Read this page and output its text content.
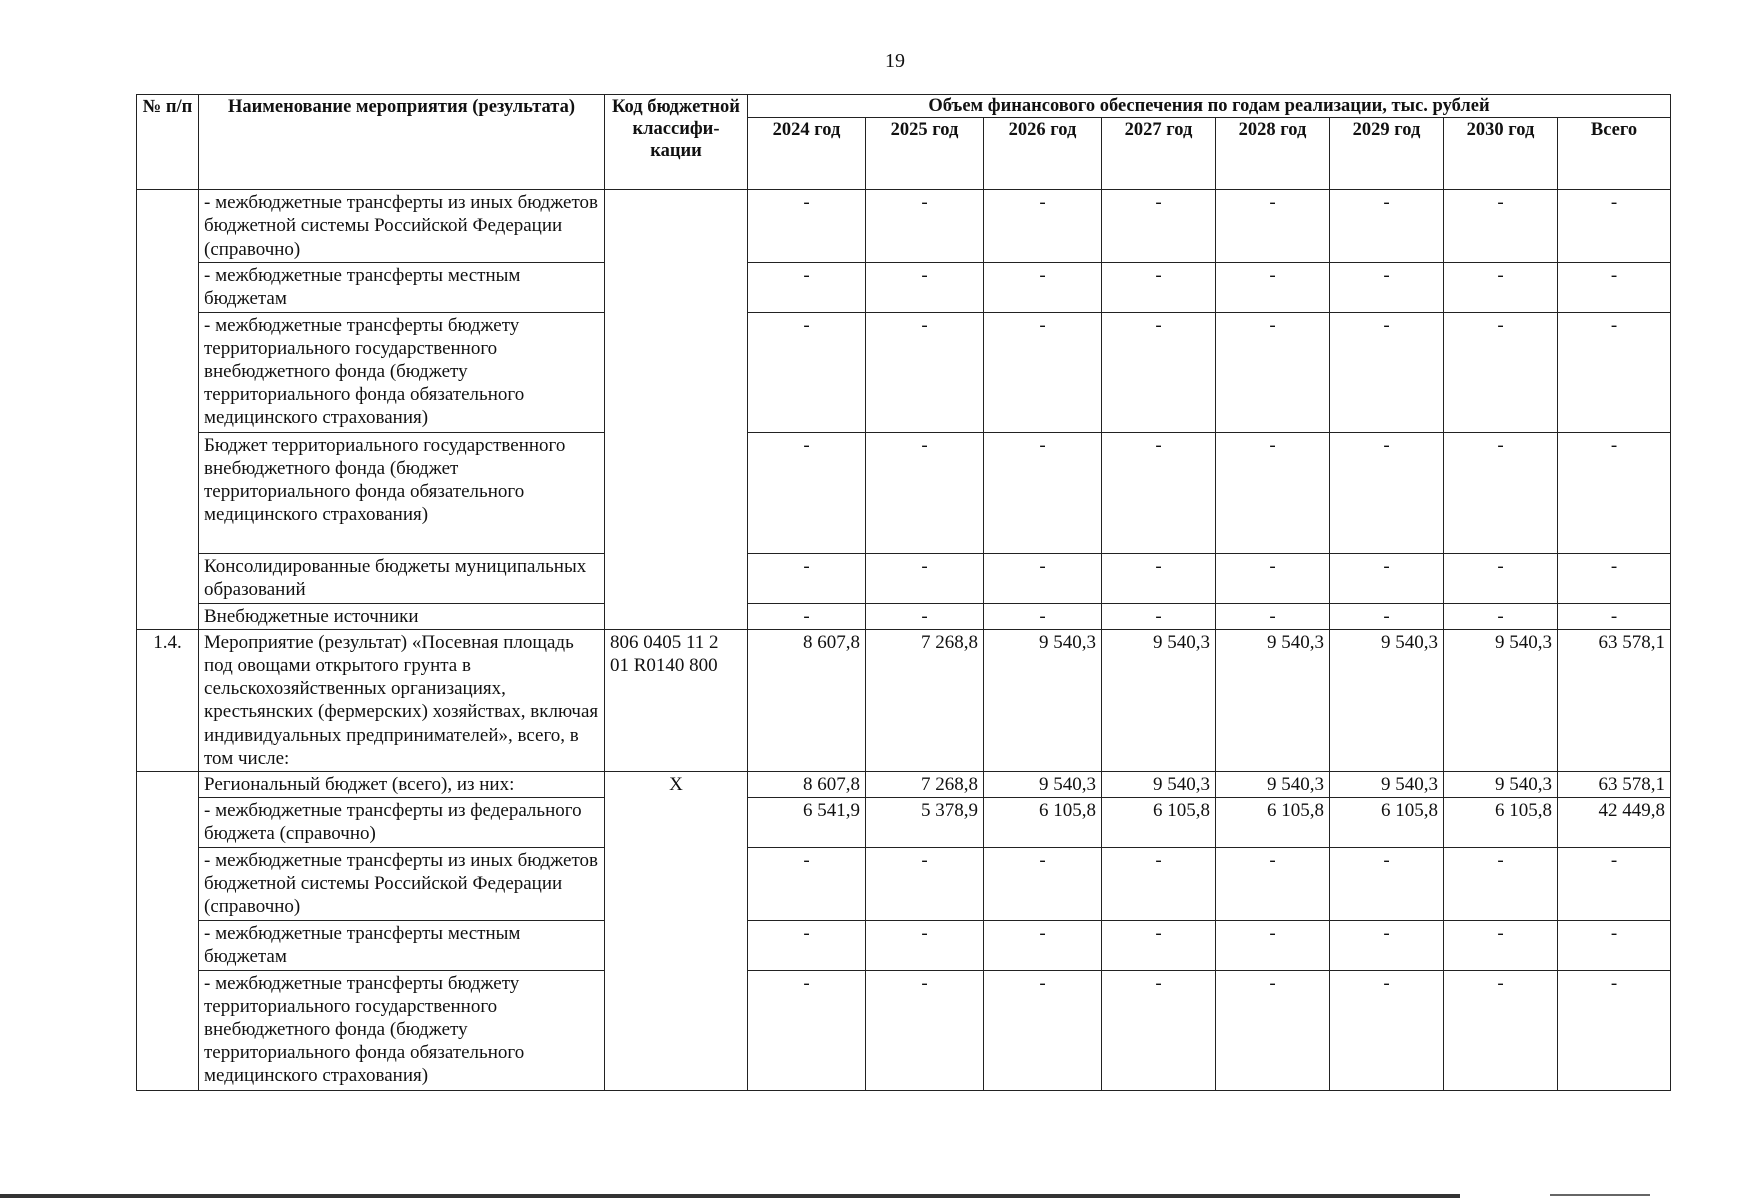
19
№ п/п	Наименование мероприятия (результата)	Код бюджетной классифи-кации	Объем финансового обеспечения по годам реализации, тыс. рублей							
			2024 год	2025 год	2026 год	2027 год	2028 год	2029 год	2030 год	Всего
	- межбюджетные трансферты из иных бюджетов бюджетной системы Российской Федерации (справочно)		-	-	-	-	-	-	-	-
	- межбюджетные трансферты местным бюджетам		-	-	-	-	-	-	-	-
	- межбюджетные трансферты бюджету территориального государственного внебюджетного фонда (бюджету территориального фонда обязательного медицинского страхования)		-	-	-	-	-	-	-	-
	Бюджет территориального государственного внебюджетного фонда (бюджет территориального фонда обязательного медицинского страхования)		-	-	-	-	-	-	-	-
	Консолидированные бюджеты муниципальных образований		-	-	-	-	-	-	-	-
	Внебюджетные источники		-	-	-	-	-	-	-	-
1.4.	Мероприятие (результат) «Посевная площадь под овощами открытого грунта в сельскохозяйственных организациях, крестьянских (фермерских) хозяйствах, включая индивидуальных предпринимателей», всего, в том числе:	806 0405 11 2 01 R0140 800	8 607,8	7 268,8	9 540,3	9 540,3	9 540,3	9 540,3	9 540,3	63 578,1
	Региональный бюджет (всего), из них:	X	8 607,8	7 268,8	9 540,3	9 540,3	9 540,3	9 540,3	9 540,3	63 578,1
	- межбюджетные трансферты из федерального бюджета (справочно)		6 541,9	5 378,9	6 105,8	6 105,8	6 105,8	6 105,8	6 105,8	42 449,8
	- межбюджетные трансферты из иных бюджетов бюджетной системы Российской Федерации (справочно)		-	-	-	-	-	-	-	-
	- межбюджетные трансферты местным бюджетам		-	-	-	-	-	-	-	-
	- межбюджетные трансферты бюджету территориального государственного внебюджетного фонда (бюджету территориального фонда обязательного медицинского страхования)		-	-	-	-	-	-	-	-
